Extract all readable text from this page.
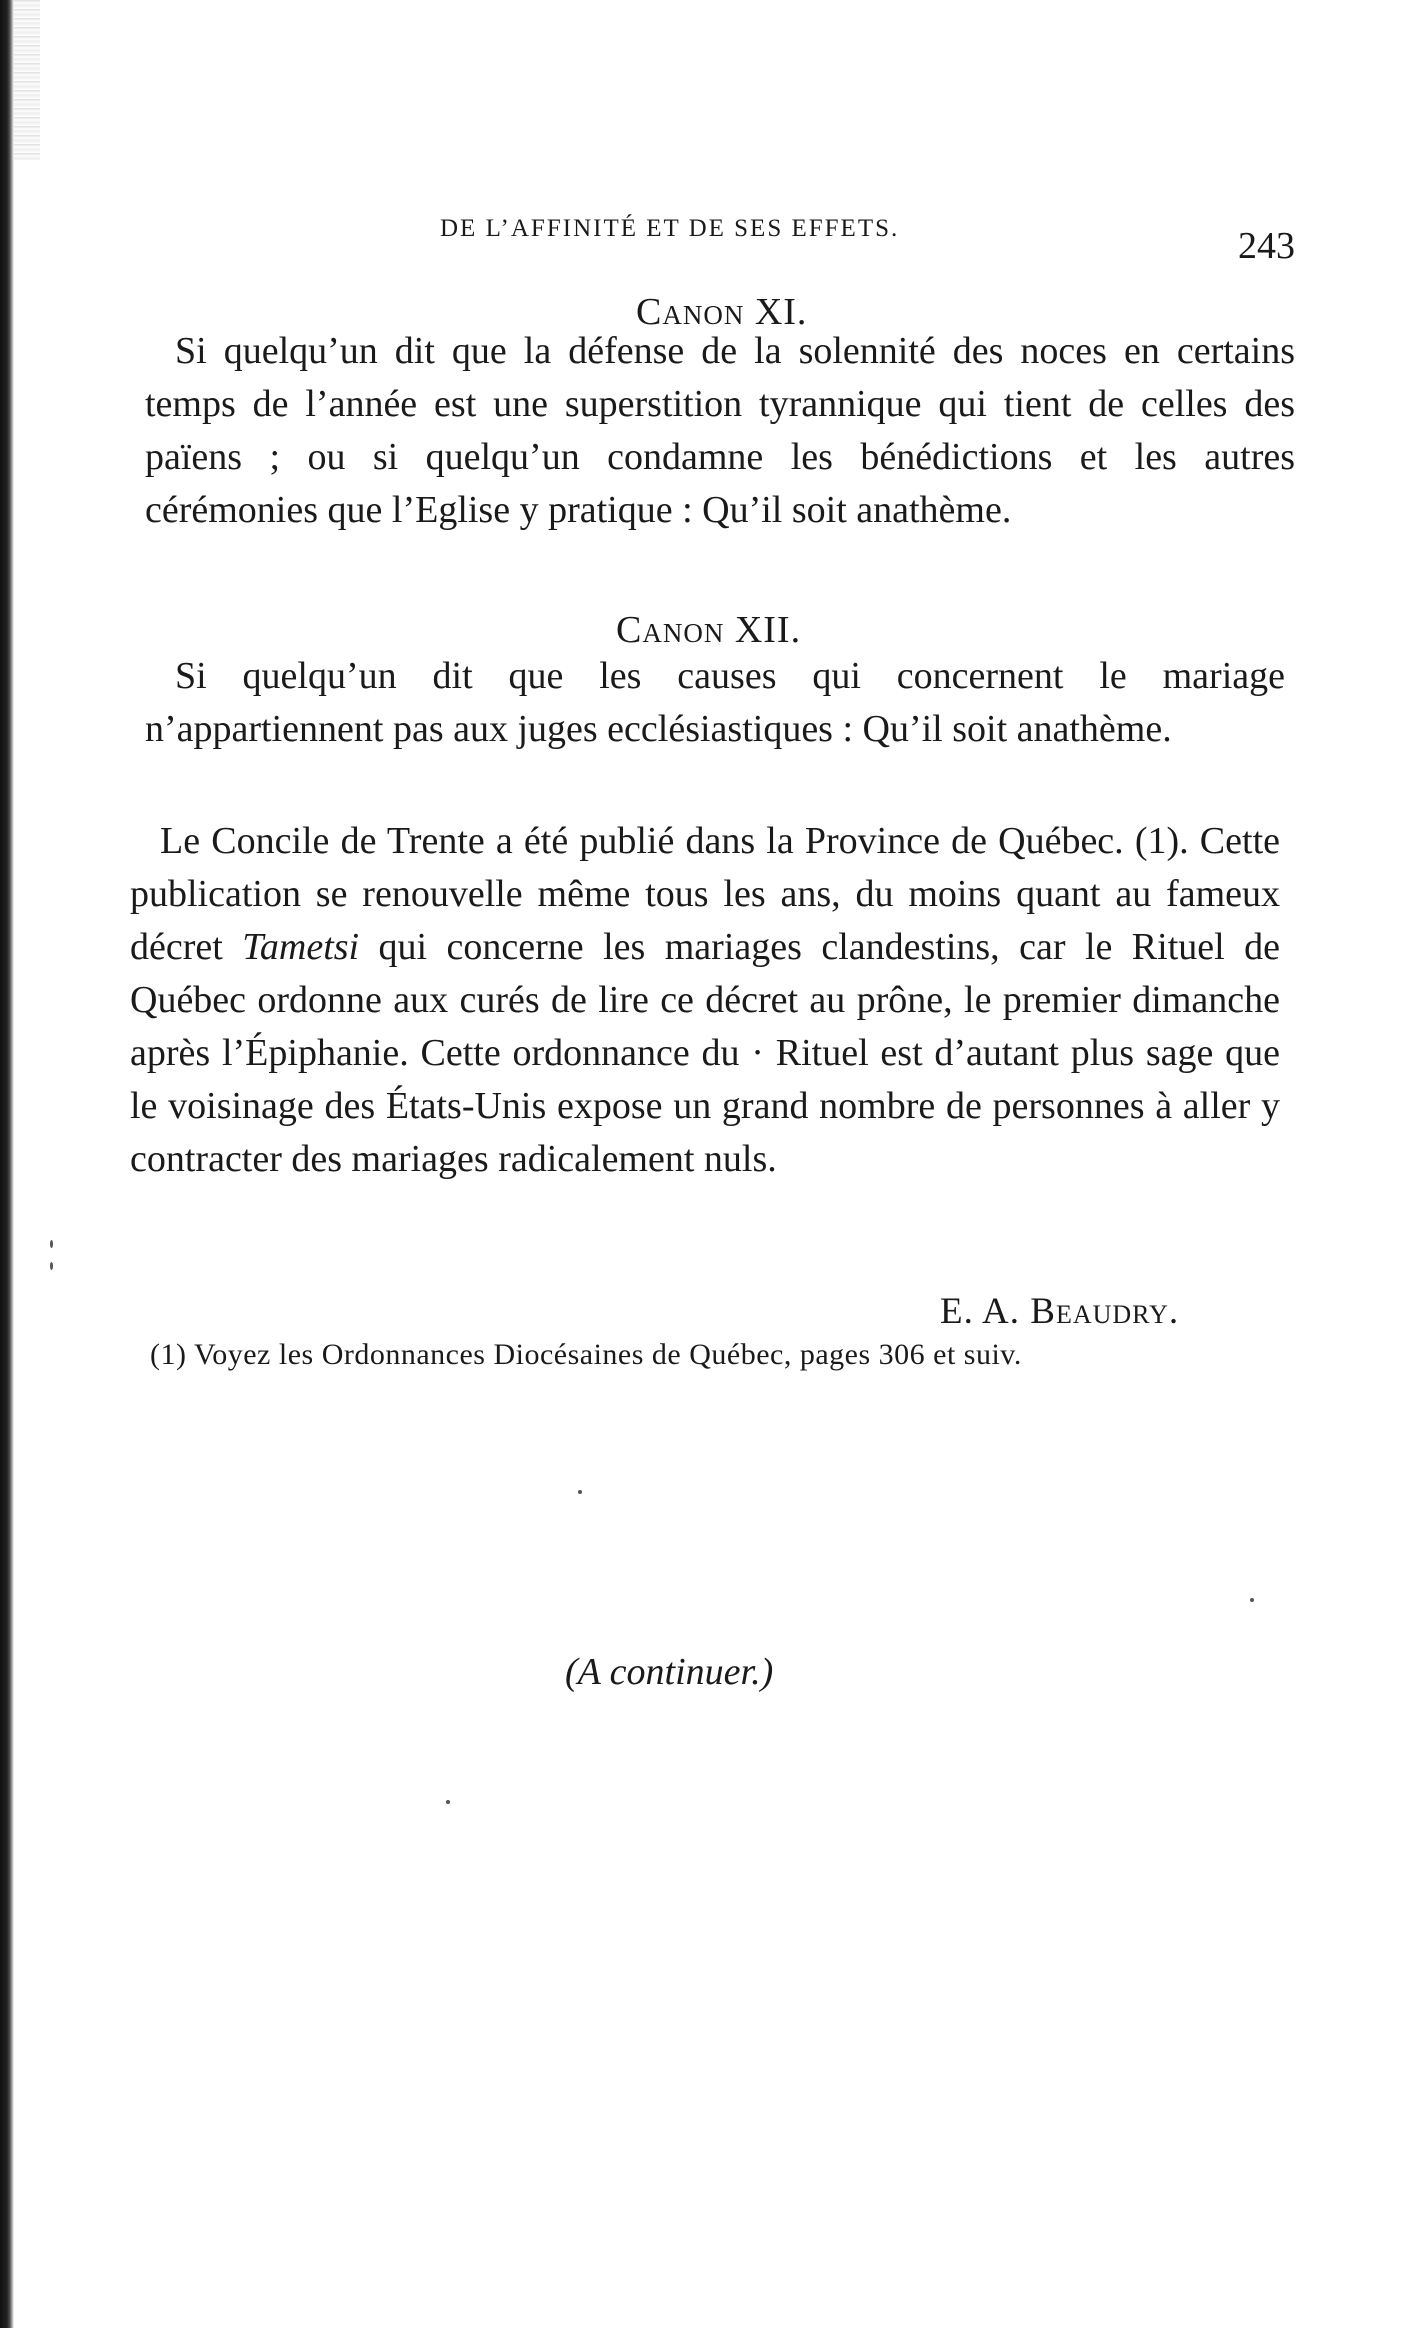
DE L’AFFINITÉ ET DE SES EFFETS.	243
Canon XI.

Si quelqu’un dit que la défense de la solennité des noces en certains temps de l’année est une superstition tyrannique qui tient de celles des païens ; ou si quelqu’un condamne les bénédictions et les autres cérémonies que l’Eglise y pratique : Qu’il soit anathème.

Canon XII.

Si quelqu’un dit que les causes qui concernent le mariage n’appartiennent pas aux juges ecclésiastiques : Qu’il soit anathème.

Le Concile de Trente a été publié dans la Province de Québec. (1). Cette publication se renouvelle même tous les ans, du moins quant au fameux décret Tametsi qui concerne les mariages clandestins, car le Rituel de Québec ordonne aux curés de lire ce décret au prône, le premier dimanche après l’Épiphanie. Cette ordonnance du · Rituel est d’autant plus sage que le voisinage des États-Unis expose un grand nombre de personnes à aller y contracter des mariages radicalement nuls.

E. A. Beaudry.
(1) Voyez les Ordonnances Diocésaines de Québec, pages 306 et suiv.
(A continuer.)
